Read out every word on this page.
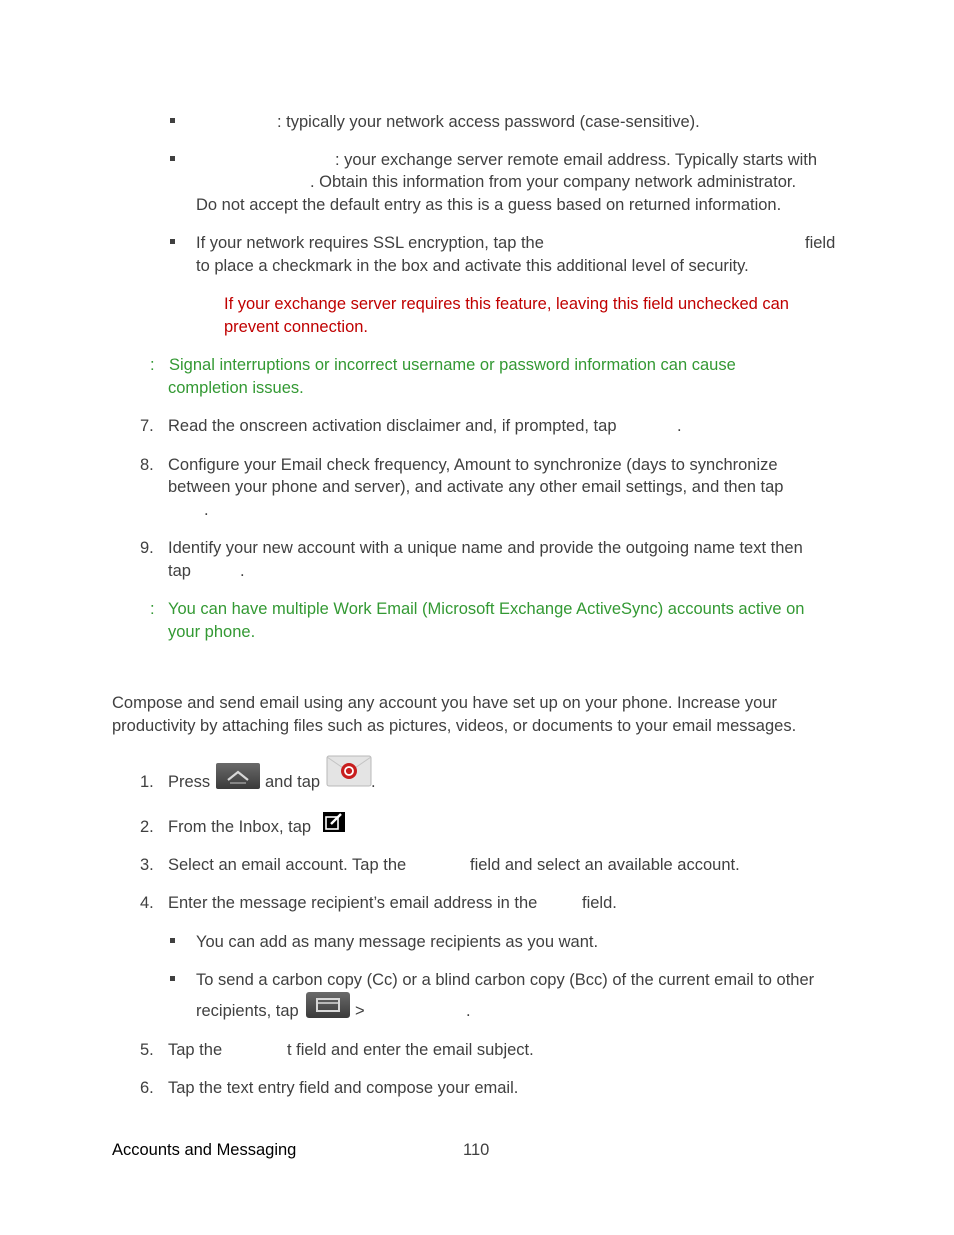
: typically your network access password (case-sensitive).
: your exchange server remote email address. Typically starts with
. Obtain this information from your company network administrator.
Do not accept the default entry as this is a guess based on returned information.
If your network requires SSL encryption, tap the	field
to place a checkmark in the box and activate this additional level of security.
If your exchange server requires this feature, leaving this field unchecked can
prevent connection.
: Signal interruptions or incorrect username or password information can cause
completion issues.
7. Read the onscreen activation disclaimer and, if prompted, tap	.
8. Configure your Email check frequency, Amount to synchronize (days to synchronize
between your phone and server), and activate any other email settings, and then tap
.
9. Identify your new account with a unique name and provide the outgoing name text then
tap	.
: You can have multiple Work Email (Microsoft Exchange ActiveSync) accounts active on
your phone.
Compose and send email using any account you have set up on your phone. Increase your
productivity by attaching files such as pictures, videos, or documents to your email messages.
1. Press	and tap	.
2. From the Inbox, tap
3. Select an email account. Tap the	field and select an available account.
4. Enter the message recipient’s email address in the	field.
You can add as many message recipients as you want.
To send a carbon copy (Cc) or a blind carbon copy (Bcc) of the current email to other
recipients, tap	>	.
5. Tap the	t field and enter the email subject.
6. Tap the text entry field and compose your email.
Accounts and Messaging	110
